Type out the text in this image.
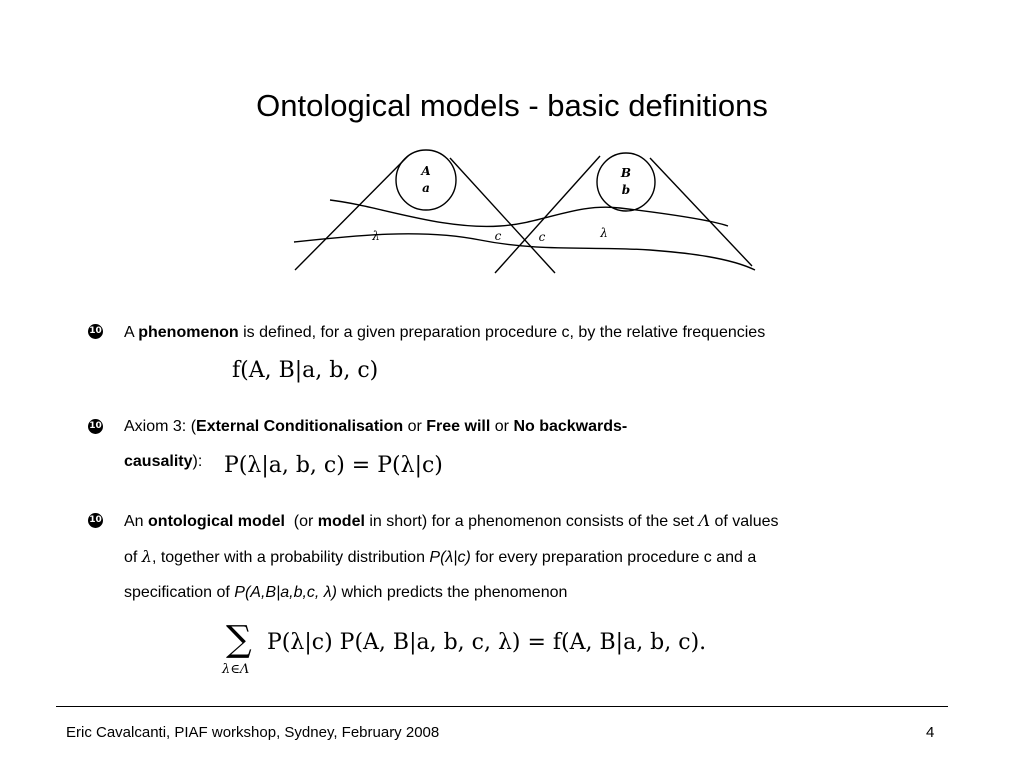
Ontological models - basic definitions
A
a
B
b
λ	c	c	λ
10 A phenomenon is defined, for a given preparation procedure c, by the relative frequencies
f(A, B|a, b, c)
10 Axiom 3: (External Conditionalisation or Free will or No backwards-
causality): P(λ|a, b, c) = P(λ|c)
10 An ontological model  (or model in short) for a phenomenon consists of the set Λ of values
of λ, together with a probability distribution P(λ|c) for every preparation procedure c and a
specification of P(A,B|a,b,c, λ) which predicts the phenomenon
∑
λ∈Λ
P(λ|c) P(A, B|a, b, c, λ) = f(A, B|a, b, c).
Eric Cavalcanti, PIAF workshop, Sydney, February 2008	4
